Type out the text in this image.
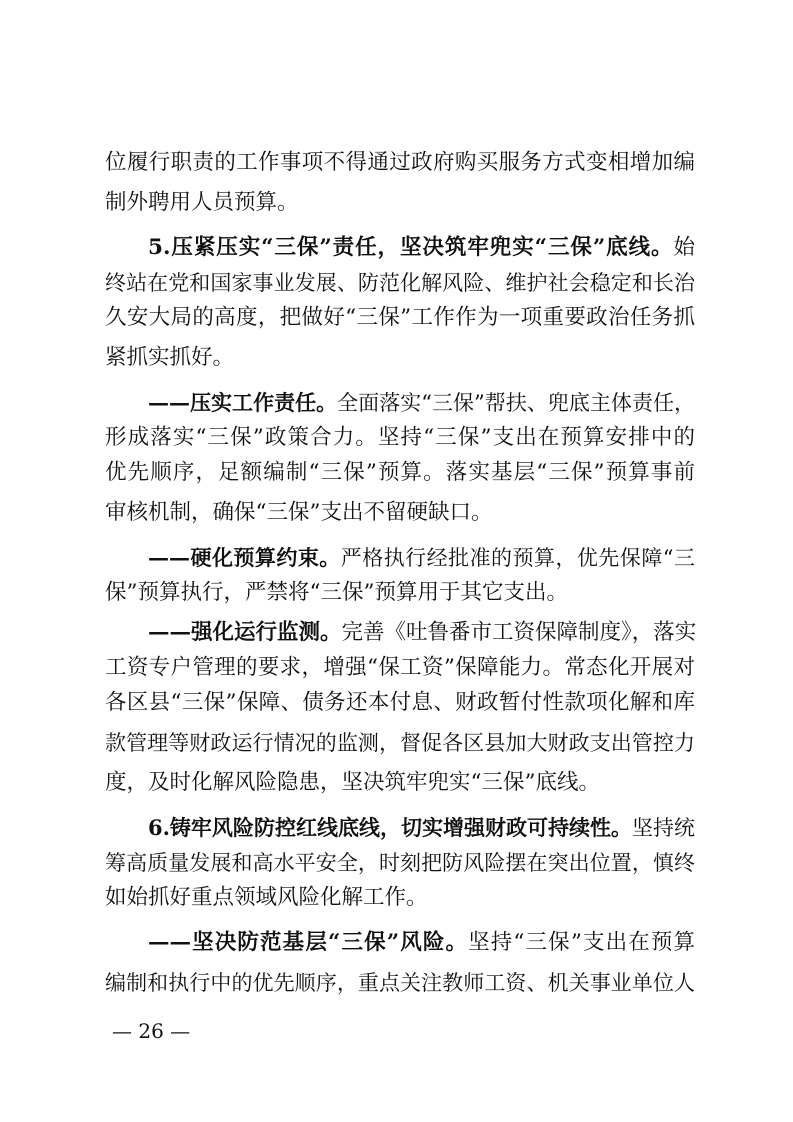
位履行职责的工作事项不得通过政府购买服务方式变相增加编
制外聘用人员预算。
5.压紧压实“三保”责任，坚决筑牢兜实“三保”底线。始
终站在党和国家事业发展、防范化解风险、维护社会稳定和长治
久安大局的高度，把做好“三保”工作作为一项重要政治任务抓
紧抓实抓好。
——压实工作责任。全面落实“三保”帮扶、兜底主体责任，
形成落实“三保”政策合力。坚持“三保”支出在预算安排中的
优先顺序，足额编制“三保”预算。落实基层“三保”预算事前
审核机制，确保“三保”支出不留硬缺口。
——硬化预算约束。严格执行经批准的预算，优先保障“三
保”预算执行，严禁将“三保”预算用于其它支出。
——强化运行监测。完善《吐鲁番市工资保障制度》，落实
工资专户管理的要求，增强“保工资”保障能力。常态化开展对
各区县“三保”保障、债务还本付息、财政暂付性款项化解和库
款管理等财政运行情况的监测，督促各区县加大财政支出管控力
度，及时化解风险隐患，坚决筑牢兜实“三保”底线。
6.铸牢风险防控红线底线，切实增强财政可持续性。坚持统
筹高质量发展和高水平安全，时刻把防风险摆在突出位置，慎终
如始抓好重点领域风险化解工作。
——坚决防范基层“三保”风险。坚持“三保”支出在预算
编制和执行中的优先顺序，重点关注教师工资、机关事业单位人
— 26 —
